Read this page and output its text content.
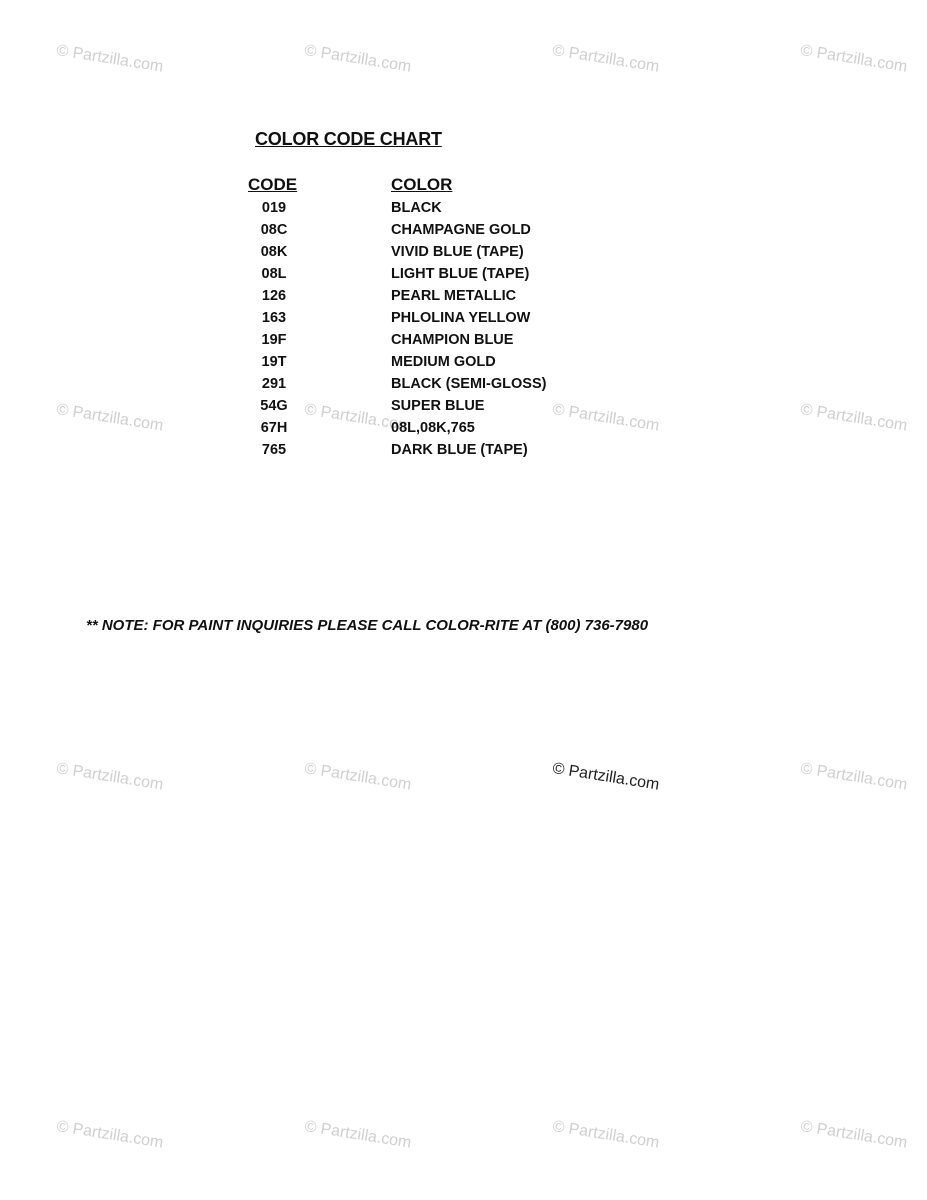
© Partzilla.com	© Partzilla.com	© Partzilla.com	© Partzilla.com
© Partzilla.com	© Partzilla.com	© Partzilla.com	© Partzilla.com
© Partzilla.com	© Partzilla.com	© Partzilla.com	© Partzilla.com
© Partzilla.com	© Partzilla.com	© Partzilla.com	© Partzilla.com
COLOR CODE CHART
CODE	COLOR
019	BLACK
08C	CHAMPAGNE GOLD
08K	VIVID BLUE (TAPE)
08L	LIGHT BLUE (TAPE)
126	PEARL METALLIC
163	PHLOLINA YELLOW
19F	CHAMPION BLUE
19T	MEDIUM GOLD
291	BLACK (SEMI-GLOSS)
54G	SUPER BLUE
67H	08L,08K,765
765	DARK BLUE (TAPE)
** NOTE: FOR PAINT INQUIRIES PLEASE CALL COLOR-RITE AT (800) 736-7980
